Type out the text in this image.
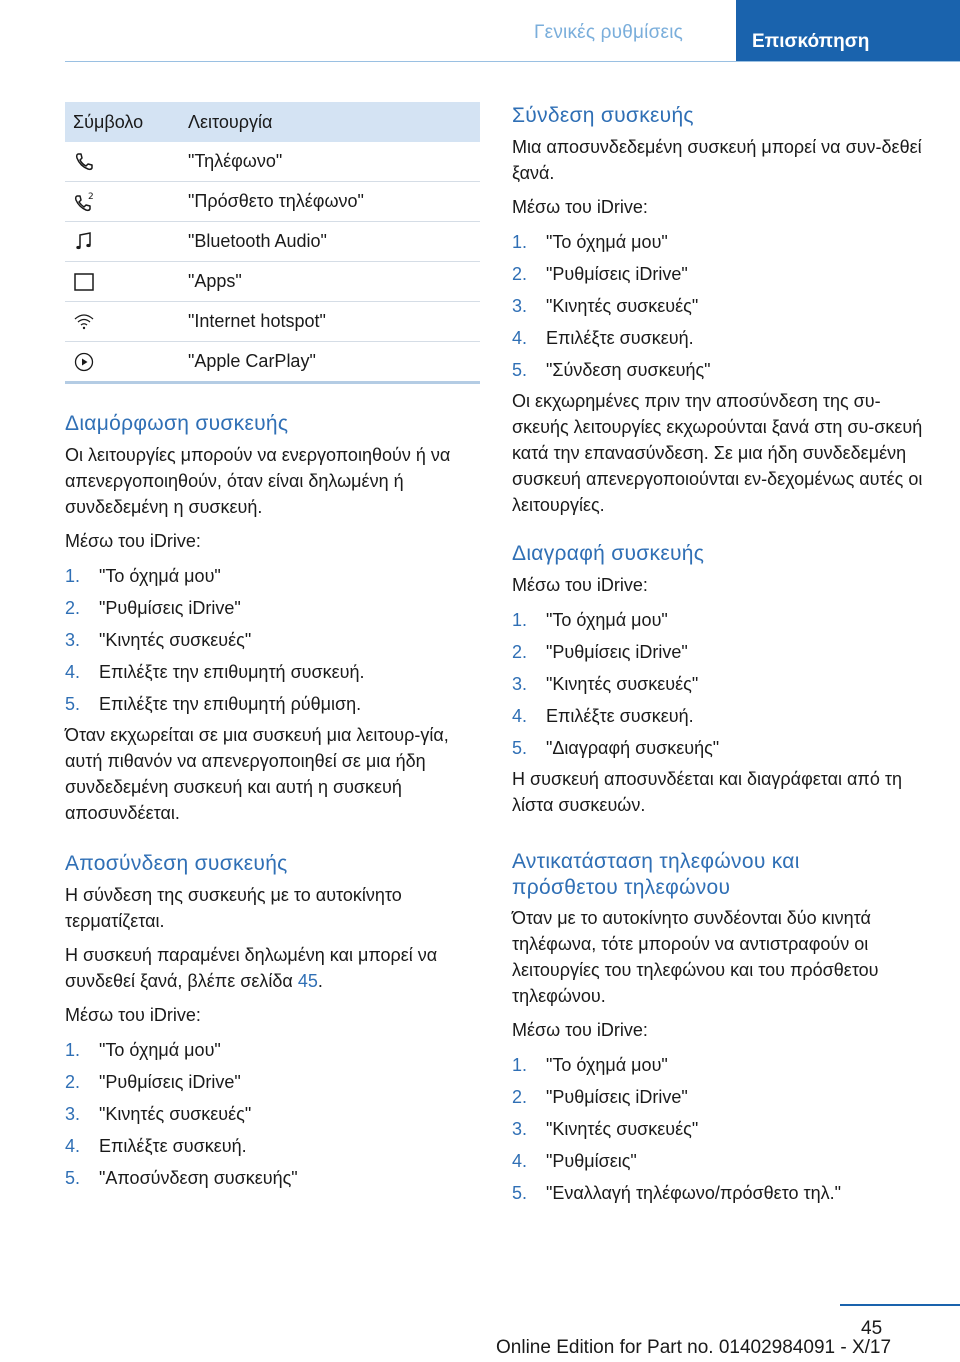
Γενικές ρυθμίσεις	Επισκόπηση
Σύμβολο	Λειτουργία
"Τηλέφωνο"
2	"Πρόσθετο τηλέφωνο"
"Bluetooth Audio"
"Apps"
"Internet hotspot"
"Apple CarPlay"
Διαμόρφωση συσκευής

Οι λειτουργίες μπορούν να ενεργοποιηθούν ή να απενεργοποιηθούν, όταν είναι δηλωμένη ή συνδεδεμένη η συσκευή.

Μέσω του iDrive:

1.	"Το όχημά μου"
2.	"Ρυθμίσεις iDrive"
3.	"Κινητές συσκευές"
4.	Επιλέξτε την επιθυμητή συσκευή.
5.	Επιλέξτε την επιθυμητή ρύθμιση.

Όταν εκχωρείται σε μια συσκευή μια λειτουρ-γία, αυτή πιθανόν να απενεργοποιηθεί σε μια ήδη συνδεδεμένη συσκευή και αυτή η συσκευή αποσυνδέεται.

Αποσύνδεση συσκευής

Η σύνδεση της συσκευής με το αυτοκίνητο τερματίζεται.

Η συσκευή παραμένει δηλωμένη και μπορεί να συνδεθεί ξανά, βλέπε σελίδα 45.

Μέσω του iDrive:

1.	"Το όχημά μου"
2.	"Ρυθμίσεις iDrive"
3.	"Κινητές συσκευές"
4.	Επιλέξτε συσκευή.
5.	"Αποσύνδεση συσκευής"
Σύνδεση συσκευής

Μια αποσυνδεδεμένη συσκευή μπορεί να συν-δεθεί ξανά.

Μέσω του iDrive:

1.	"Το όχημά μου"
2.	"Ρυθμίσεις iDrive"
3.	"Κινητές συσκευές"
4.	Επιλέξτε συσκευή.
5.	"Σύνδεση συσκευής"

Οι εκχωρημένες πριν την αποσύνδεση της συ-σκευής λειτουργίες εκχωρούνται ξανά στη συ-σκευή κατά την επανασύνδεση. Σε μια ήδη συνδεδεμένη συσκευή απενεργοποιούνται εν-δεχομένως αυτές οι λειτουργίες.

Διαγραφή συσκευής

Μέσω του iDrive:

1.	"Το όχημά μου"
2.	"Ρυθμίσεις iDrive"
3.	"Κινητές συσκευές"
4.	Επιλέξτε συσκευή.
5.	"Διαγραφή συσκευής"

Η συσκευή αποσυνδέεται και διαγράφεται από τη λίστα συσκευών.

Αντικατάσταση τηλεφώνου και
πρόσθετου τηλεφώνου

Όταν με το αυτοκίνητο συνδέονται δύο κινητά τηλέφωνα, τότε μπορούν να αντιστραφούν οι λειτουργίες του τηλεφώνου και του πρόσθετου τηλεφώνου.

Μέσω του iDrive:

1.	"Το όχημά μου"
2.	"Ρυθμίσεις iDrive"
3.	"Κινητές συσκευές"
4.	"Ρυθμίσεις"
5.	"Εναλλαγή τηλέφωνο/πρόσθετο τηλ."
45
Online Edition for Part no. 01402984091 - X/17
